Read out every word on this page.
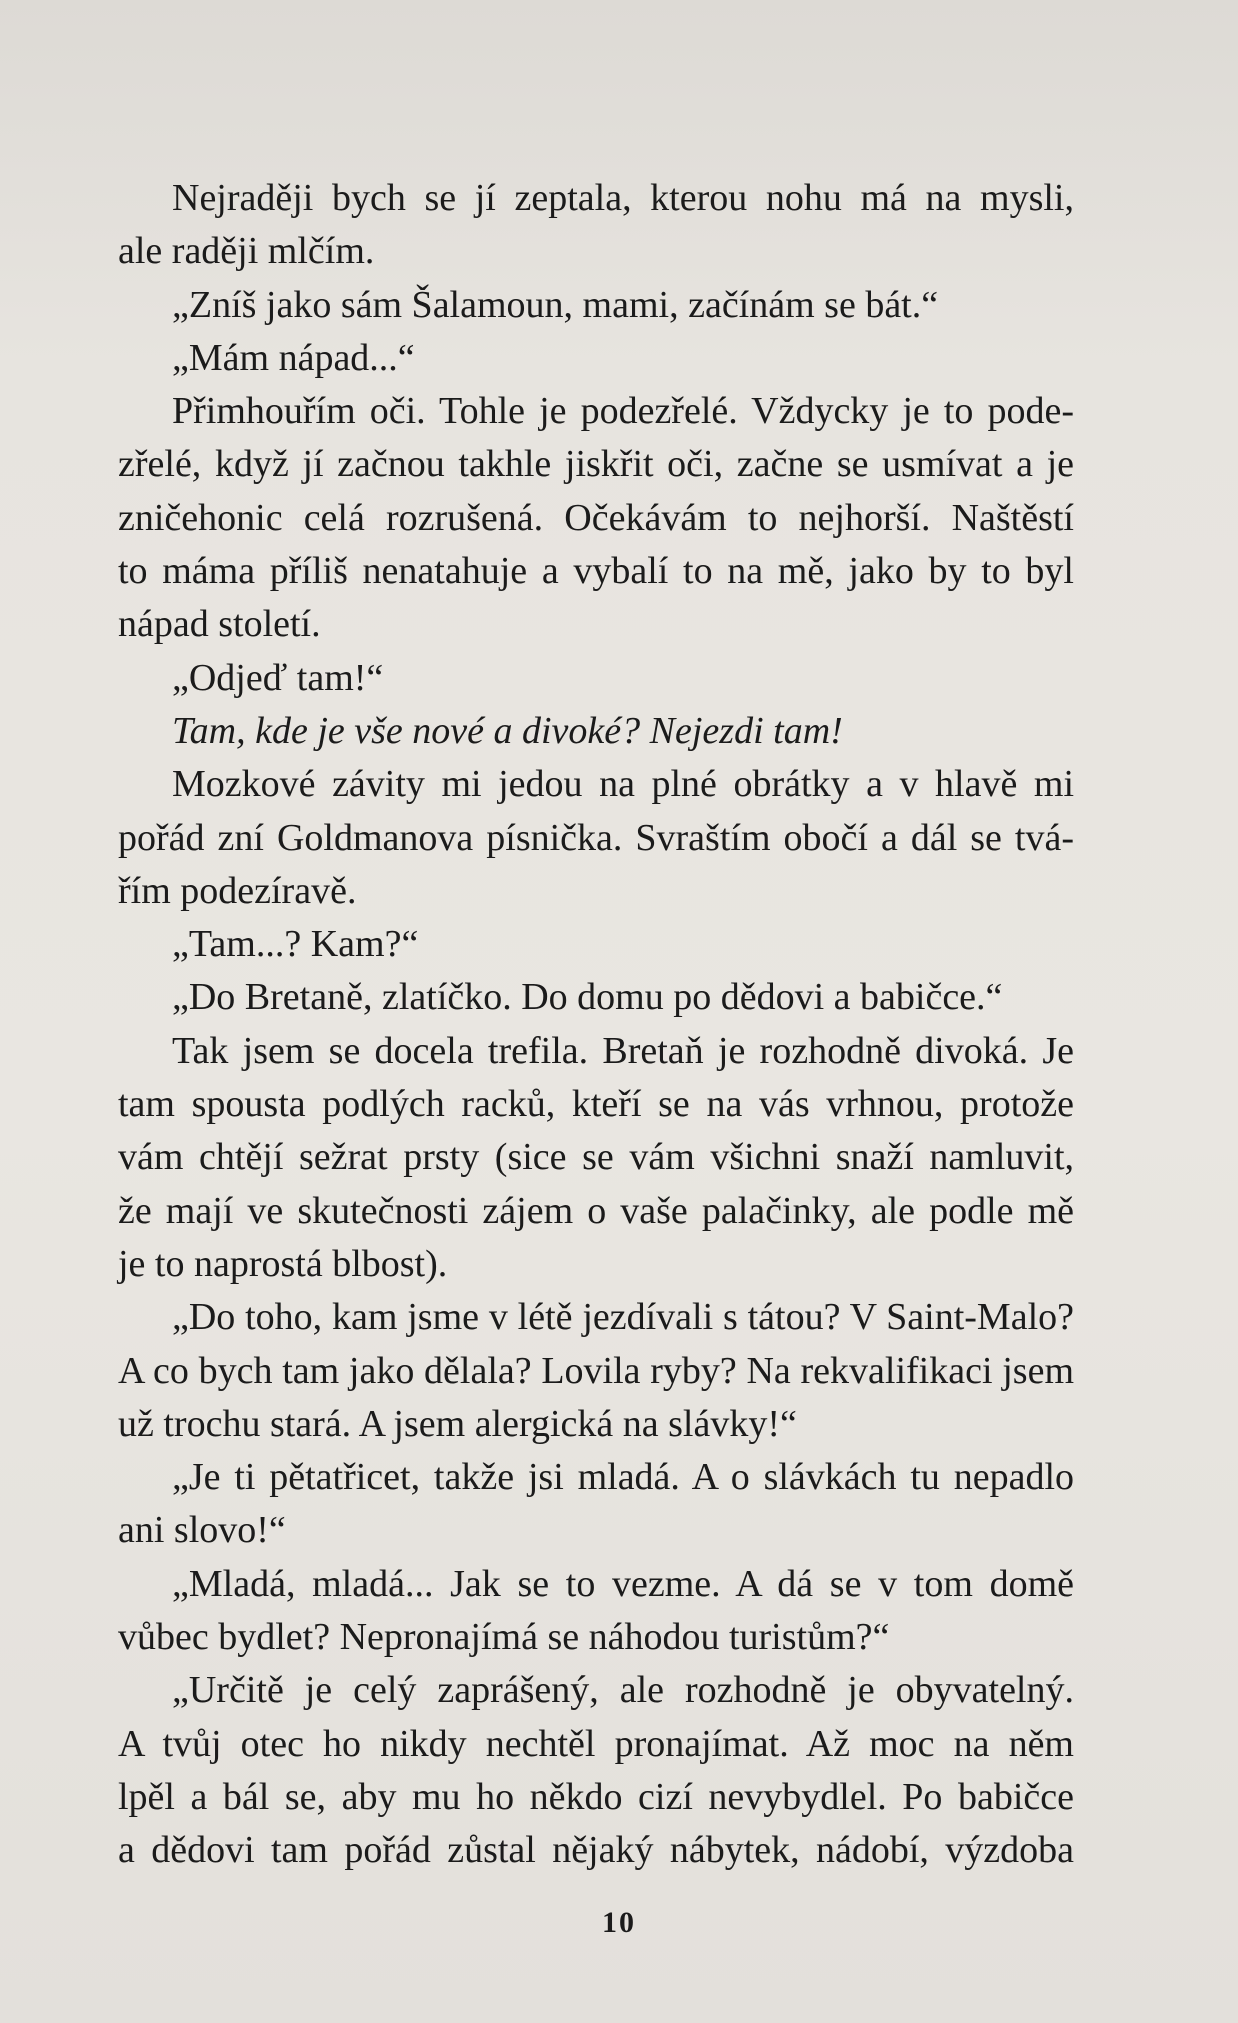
Nejraději bych se jí zeptala, kterou nohu má na mysli,
ale raději mlčím.
„Zníš jako sám Šalamoun, mami, začínám se bát.“
„Mám nápad...“
Přimhouřím oči. Tohle je podezřelé. Vždycky je to pode-
zřelé, když jí začnou takhle jiskřit oči, začne se usmívat a je
zničehonic celá rozrušená. Očekávám to nejhorší. Naštěstí
to máma příliš nenatahuje a vybalí to na mě, jako by to byl
nápad století.
„Odjeď tam!“
Tam, kde je vše nové a divoké? Nejezdi tam!
Mozkové závity mi jedou na plné obrátky a v hlavě mi
pořád zní Goldmanova písnička. Svraštím obočí a dál se tvá-
řím podezíravě.
„Tam...? Kam?“
„Do Bretaně, zlatíčko. Do domu po dědovi a babičce.“
Tak jsem se docela trefila. Bretaň je rozhodně divoká. Je
tam spousta podlých racků, kteří se na vás vrhnou, protože
vám chtějí sežrat prsty (sice se vám všichni snaží namluvit,
že mají ve skutečnosti zájem o vaše palačinky, ale podle mě
je to naprostá blbost).
„Do toho, kam jsme v létě jezdívali s tátou? V Saint-Malo?
A co bych tam jako dělala? Lovila ryby? Na rekvalifikaci jsem
už trochu stará. A jsem alergická na slávky!“
„Je ti pětatřicet, takže jsi mladá. A o slávkách tu nepadlo
ani slovo!“
„Mladá, mladá... Jak se to vezme. A dá se v tom domě
vůbec bydlet? Nepronajímá se náhodou turistům?“
„Určitě je celý zaprášený, ale rozhodně je obyvatelný.
A tvůj otec ho nikdy nechtěl pronajímat. Až moc na něm
lpěl a bál se, aby mu ho někdo cizí nevybydlel. Po babičce
a dědovi tam pořád zůstal nějaký nábytek, nádobí, výzdoba
10
